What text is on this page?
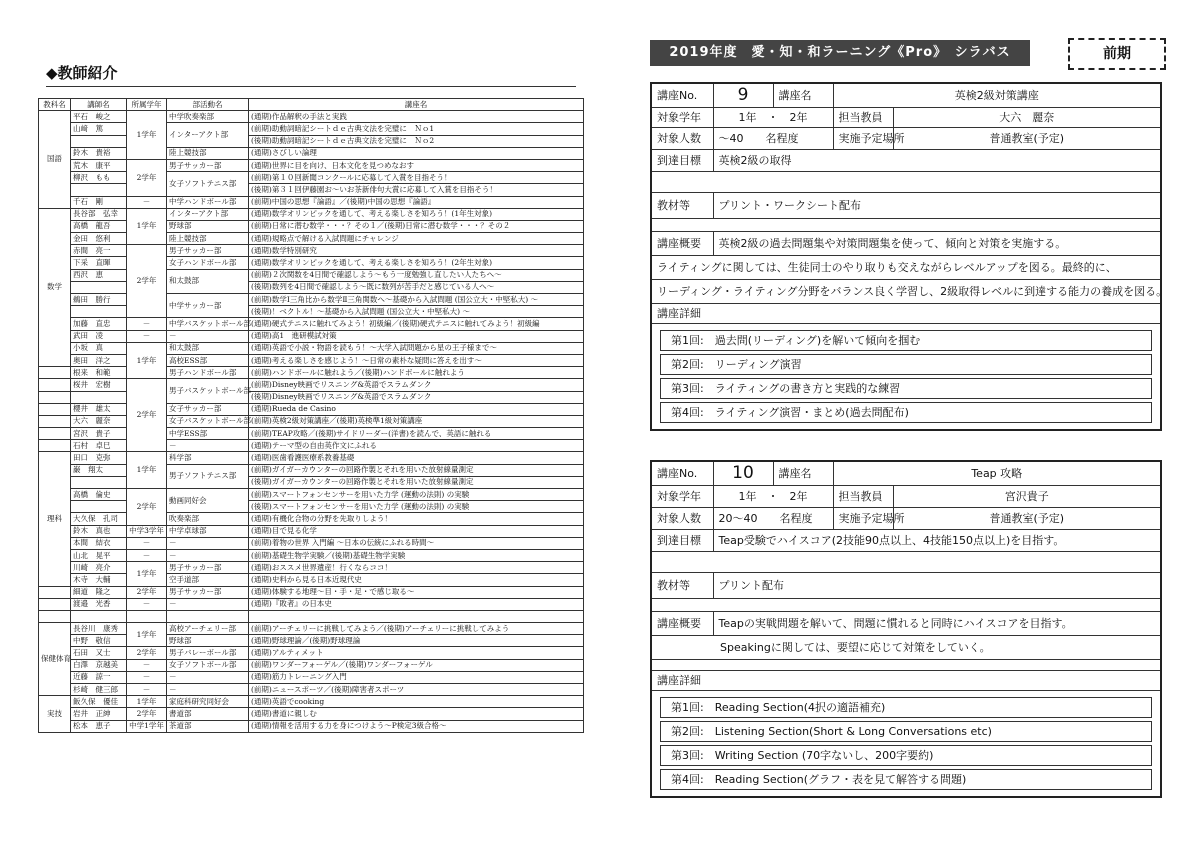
◆教師紹介
教科名	講師名	所属学年	部活動名	講座名
国語	平石　峻之	1学年	中学吹奏楽部	(通期)作品解釈の手法と実践
	山﨑　篤		インターアクト部	(前期)助動詞暗記シートｄｅ古典文法を完璧に　Ｎｏ1
				(後期)助動詞暗記シートｄｅ古典文法を完璧に　Ｎｏ2
	鈴木　貴裕		陸上競技部	(通期)さびしい論理
	荒木　康平	2学年	男子サッカー部	(通期)世界に目を向け、日本文化を見つめなおす
	柳沢　もも		女子ソフトテニス部	(前期)第１０回新聞コンクールに応募して入賞を目指そう！
				(後期)第３１回伊藤園お～いお茶新俳句大賞に応募して入賞を目指そう！
	千石　剛	－	中学ハンドボール部	(前期)中国の思想『論語』／(後期)中国の思想『論語』
数学	長谷部　弘幸	1学年	インターアクト部	(通期)数学オリンピックを通して、考える楽しさを知ろう！(1年生対象)
	高橋　龍吾		野球部	(前期)日常に潜む数学・・・？その１／(後期)日常に潜む数学・・・？その２
	金田　悠利		陸上競技部	(通期)規略点で解ける入試問題にチャレンジ
	赤間　亮一	2学年	男子サッカー部	(通期)数学特別研究
	下采　直暉		女子ハンドボール部	(通期)数学オリンピックを通して、考える楽しさを知ろう！(2年生対象)
	西沢　恵		和太鼓部	(前期)２次関数を4日間で確認しよう～もう一度勉強し直したい人たちへ～
				(後期)数列を4日間で確認しよう～既に数列が苦手だと感じている人へ～
	鵜田　勝行		中学サッカー部	(前期)数学Ⅰ三角比から数学Ⅱ三角関数へ～基礎から入試問題 (国公立大・中堅私大) ～
				(後期)！ベクトル！～基礎から入試問題 (国公立大・中堅私大) ～
	加藤　直忠	－	中学バスケットボール部	(通期)硬式テニスに触れてみよう！初級編／(後期)硬式テニスに触れてみよう！初級編
	武田　凌	－	－	(通期)高1　進研模試対策
	小坂　真	1学年	和太鼓部	(通期)英語で小説・物語を読もう！～大学入試問題から星の王子様まで～
	奥田　洋之		高校ESS部	(通期)考える楽しさを感じよう！～日常の素朴な疑問に答えを出す～
	根来　和範		男子ハンドボール部	(前期)ハンドボールに触れよう／(後期)ハンドボールに触れよう
	桜井　宏樹	2学年	男子バスケットボール部	(前期)Disney映画でリスニング&英語でスラムダンク
				(後期)Disney映画でリスニング&英語でスラムダンク
	櫻井　雄太		女子サッカー部	(通期)Rueda de Casino
	大六　麗奈		女子バスケットボール部	(前期)英検2級対策講座／(後期)英検準1級対策講座
	宮沢　貴子		中学ESS部	(前期)TEAP攻略／(後期)サイドリーダー(洋書)を読んで、英語に触れる
	石村　卓巳		－	(通期)テーマ型の自由英作文にふれる
理科	田口　克弥	1学年	科学部	(通期)医歯看護医療系教養基礎
	巌　翔太		男子ソフトテニス部	(前期)ガイガーカウンターの回路作製とそれを用いた放射線量測定
				(後期)ガイガーカウンターの回路作製とそれを用いた放射線量測定
	高橋　倫史	2学年	動画同好会	(前期)スマートフォンセンサーを用いた力学 (運動の法則) の実験
				(後期)スマートフォンセンサーを用いた力学 (運動の法則) の実験
	大久保　孔司		吹奏楽部	(通期)有機化合物の分野を先取りしよう！
	鈴木　真也	中学3学年	中学卓球部	(通期)目で見る化学
	本間　結衣	－	－	(前期)着物の世界 入門編 ～日本の伝統にふれる時間～
	山北　晃平	－	－	(前期)基礎生物学実験／(後期)基礎生物学実験
	川崎　亮介	1学年	男子サッカー部	(通期)おススメ世界遺産！行くならココ！
	木寺　大輔		空手道部	(通期)史料から見る日本近現代史
	細道　隆之	2学年	男子サッカー部	(通期)体験する地理～目・手・足・で感じ取る～
	渡邉　光香	－	－	(通期)『敗者』の日本史

保健体育	長谷川　康秀	1学年	高校アーチェリー部	(前期)アーチェリーに挑戦してみよう／(後期)アーチェリーに挑戦してみよう
	中野　敬信		野球部	(通期)野球理論／(後期)野球理論
	石田　又士	2学年	男子バレーボール部	(通期)アルティメット
	白澤　京越美	－	女子ソフトボール部	(前期)ワンダーフォーゲル／(後期)ワンダーフォーゲル
	近藤　諒一	－	－	(通期)筋力トレーニング入門
	杉崎　健三郎	－	－	(前期)ニュースポーツ／(後期)障害者スポーツ
実技	飯久保　優佳	1学年	家庭科研究同好会	(通期)英語でcooking
	岩井　正紳	2学年	書道部	(通期)書道に親しむ
	松本　恵子	中学1学年	茶道部	(通期)情報を活用する力を身につけよう～P検定3級合格～
2019年度　愛・知・和ラーニング《Pro》　シラバス	前期
講座No.	9	講座名	英検2級対策講座	
対象学年	1年　・　2年		担当教員	大六　麗奈
対象人数	～40　　 名程度		実施予定場所	普通教室(予定)
到達目標	英検2級の取得			

教材等	プリント・ワークシート配布			

講座概要	英検2級の過去問題集や対策問題集を使って、傾向と対策を実施する。			
ライティングに関しては、生徒同士のやり取りも交えながらレベルアップを図る。最終的に、				
リーディング・ライティング分野をバランス良く学習し、2級取得レベルに到達する能力の養成を図る。				
講座詳細				

第1回:　 過去問(リーディング)を解いて傾向を掴む
第2回:　 リーディング演習
第3回:　 ライティングの書き方と実践的な練習
第4回:　 ライティング演習・まとめ(過去問配布)				
講座No.	10	講座名	Teap 攻略	
対象学年	1年　・　2年		担当教員	宮沢貴子
対象人数	20～40　　 名程度		実施予定場所	普通教室(予定)
到達目標	Teap受験でハイスコア(2技能90点以上、4技能150点以上)を目指す。			

教材等	プリント配布			

講座概要	Teapの実戦問題を解いて、問題に慣れると同時にハイスコアを目指す。			
Speakingに関しては、要望に応じて対策をしていく。				

講座詳細				

第1回:　 Reading Section(4択の適語補充)
第2回:　 Listening Section(Short & Long Conversations etc)
第3回:　 Writing Section (70字ないし、200字要約)
第4回:　 Reading Section(グラフ・表を見て解答する問題)				
